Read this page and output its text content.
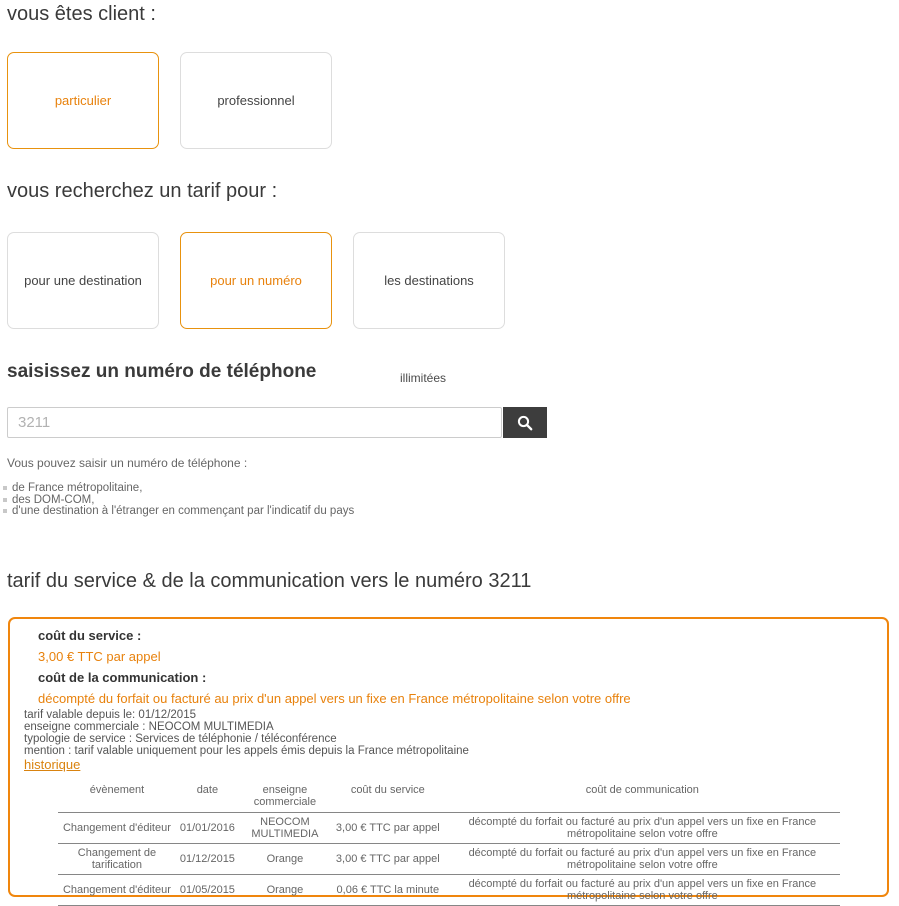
vous êtes client :
particulier	professionnel
vous recherchez un tarif pour :
pour une destination	pour un numéro	les destinations
saisissez un numéro de téléphone	illimitées
3211
Vous pouvez saisir un numéro de téléphone :
de France métropolitaine,
des DOM-COM,
d'une destination à l'étranger en commençant par l'indicatif du pays
tarif du service & de la communication vers le numéro 3211
coût du service :
3,00 € TTC par appel
coût de la communication :
décompté du forfait ou facturé au prix d'un appel vers un fixe en France métropolitaine selon votre offre
tarif valable depuis le: 01/12/2015
enseigne commerciale : NEOCOM MULTIMEDIA
typologie de service : Services de téléphonie / téléconférence
mention : tarif valable uniquement pour les appels émis depuis la France métropolitaine
historique
évènement	date	enseigne commerciale	coût du service	coût de communication
Changement d'éditeur	01/01/2016	NEOCOM MULTIMEDIA	3,00 € TTC par appel	décompté du forfait ou facturé au prix d'un appel vers un fixe en France métropolitaine selon votre offre
Changement de tarification	01/12/2015	Orange	3,00 € TTC par appel	décompté du forfait ou facturé au prix d'un appel vers un fixe en France métropolitaine selon votre offre
Changement d'éditeur	01/05/2015	Orange	0,06 € TTC la minute	décompté du forfait ou facturé au prix d'un appel vers un fixe en France métropolitaine selon votre offre
